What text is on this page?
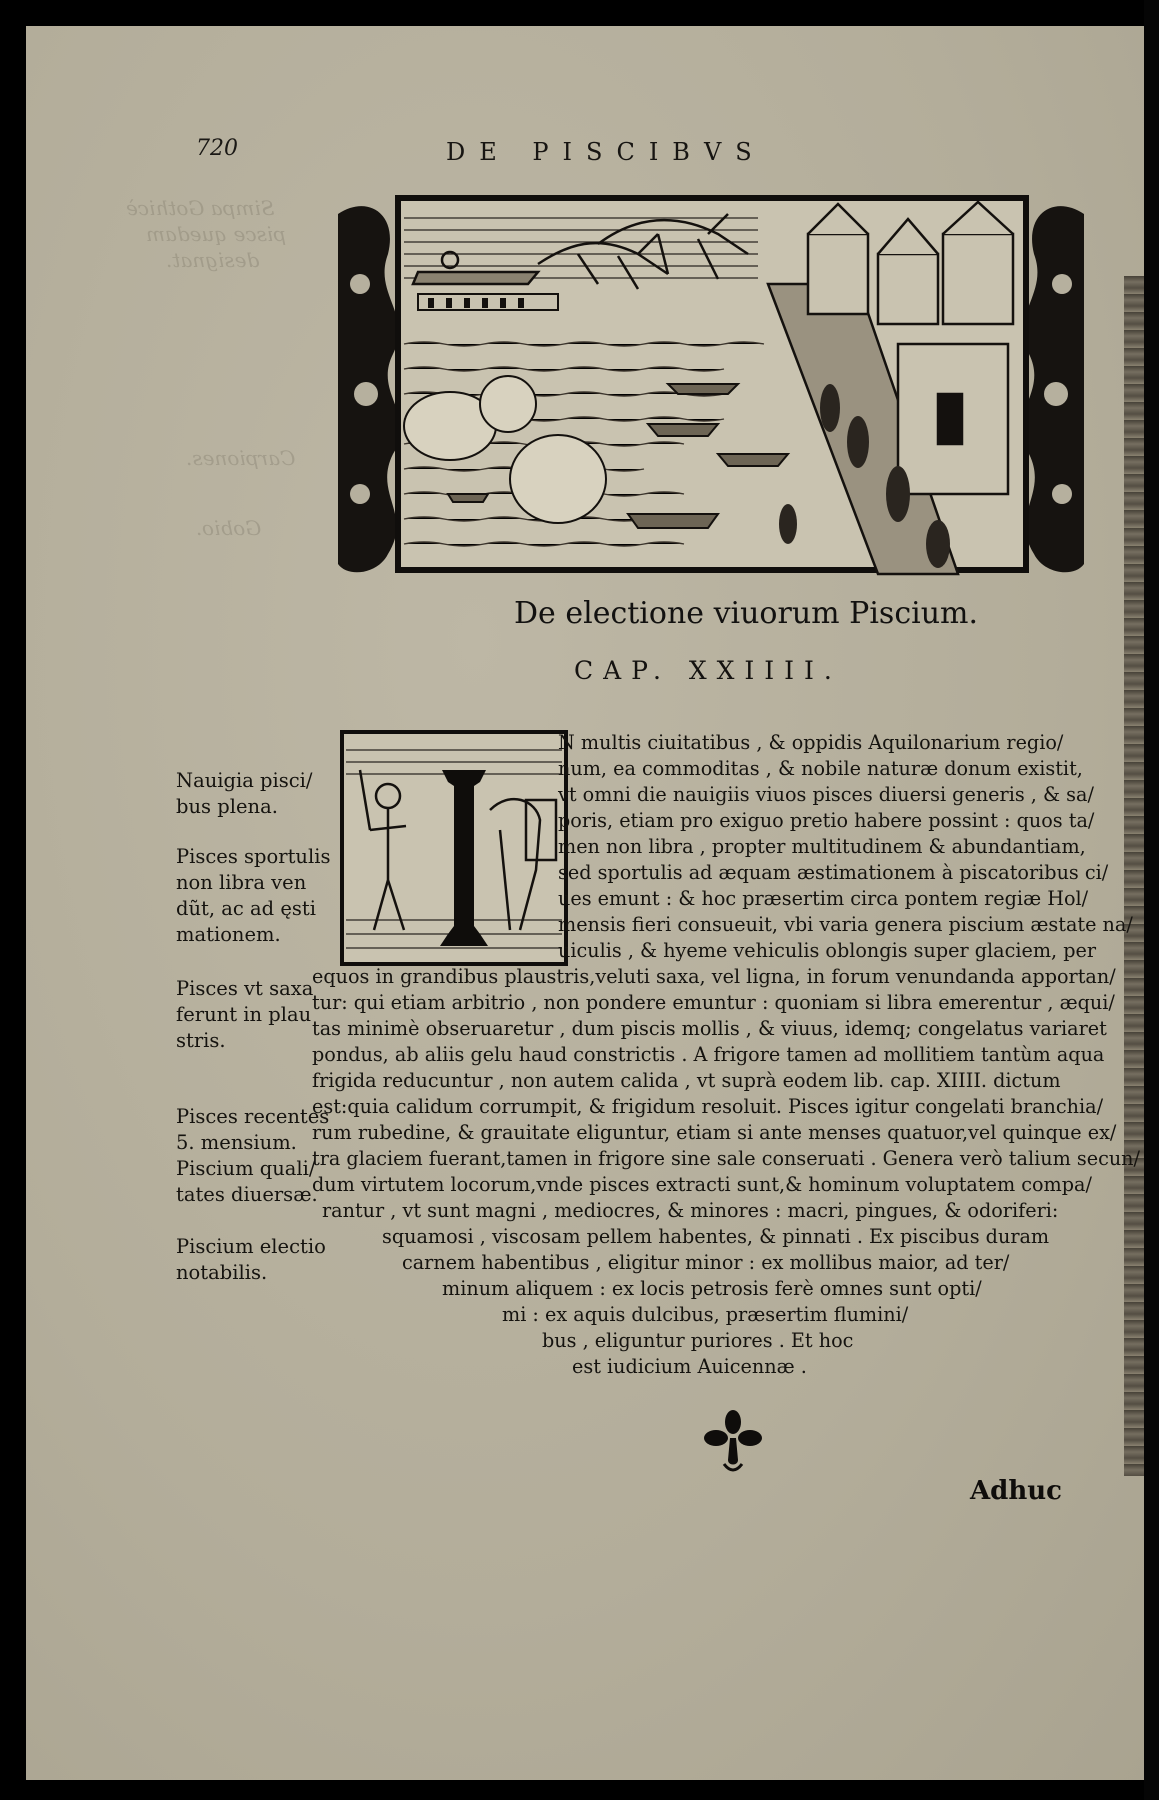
Simpa Gothicè
pisce quedam
designat.
Carpiones.
Gobio.
720	DE PISCIBVS
De electione viuorum Piscium.
CAP. XXIIII.
N multis ciuitatibus , & oppidis Aquilonarium regio/
num, ea commoditas , & nobile naturæ donum existit,
vt omni die nauigiis viuos pisces diuersi generis , & sa/
poris, etiam pro exiguo pretio habere possint : quos ta/
men non libra , propter multitudinem & abundantiam,
sed sportulis ad æquam æstimationem à piscatoribus ci/
ues emunt : & hoc præsertim circa pontem regiæ Hol/
mensis fieri consueuit, vbi varia genera piscium æstate na/
uiculis , & hyeme vehiculis oblongis super glaciem, per
equos in grandibus plaustris,veluti saxa, vel ligna, in forum venundanda apportan/
tur: qui etiam arbitrio , non pondere emuntur : quoniam si libra emerentur , æqui/
tas minimè obseruaretur , dum piscis mollis , & viuus, idemq; congelatus variaret
pondus, ab aliis gelu haud constrictis . A frigore tamen ad mollitiem tantùm aqua
frigida reducuntur , non autem calida , vt suprà eodem lib. cap. XIIII. dictum
est:quia calidum corrumpit, & frigidum resoluit. Pisces igitur congelati branchia/
rum rubedine, & grauitate eliguntur, etiam si ante menses quatuor,vel quinque ex/
tra glaciem fuerant,tamen in frigore sine sale conseruati . Genera verò talium secun/
dum virtutem locorum,vnde pisces extracti sunt,& hominum voluptatem compa/
rantur , vt sunt magni , mediocres, & minores : macri, pingues, & odoriferi:
squamosi , viscosam pellem habentes, & pinnati . Ex piscibus duram
carnem habentibus , eligitur minor : ex mollibus maior, ad ter/
minum aliquem : ex locis petrosis ferè omnes sunt opti/
mi : ex aquis dulcibus, præsertim flumini/
bus , eliguntur puriores . Et hoc
est iudicium Auicennæ .
Nauigia pisci/
bus plena.
Pisces sportulis
non libra ven
dũt, ac ad ęsti
mationem.
Pisces vt saxa
ferunt in plau
stris.
Pisces recentes
5. mensium.
Piscium quali/
tates diuersæ.
Piscium electio
notabilis.
Adhuc
